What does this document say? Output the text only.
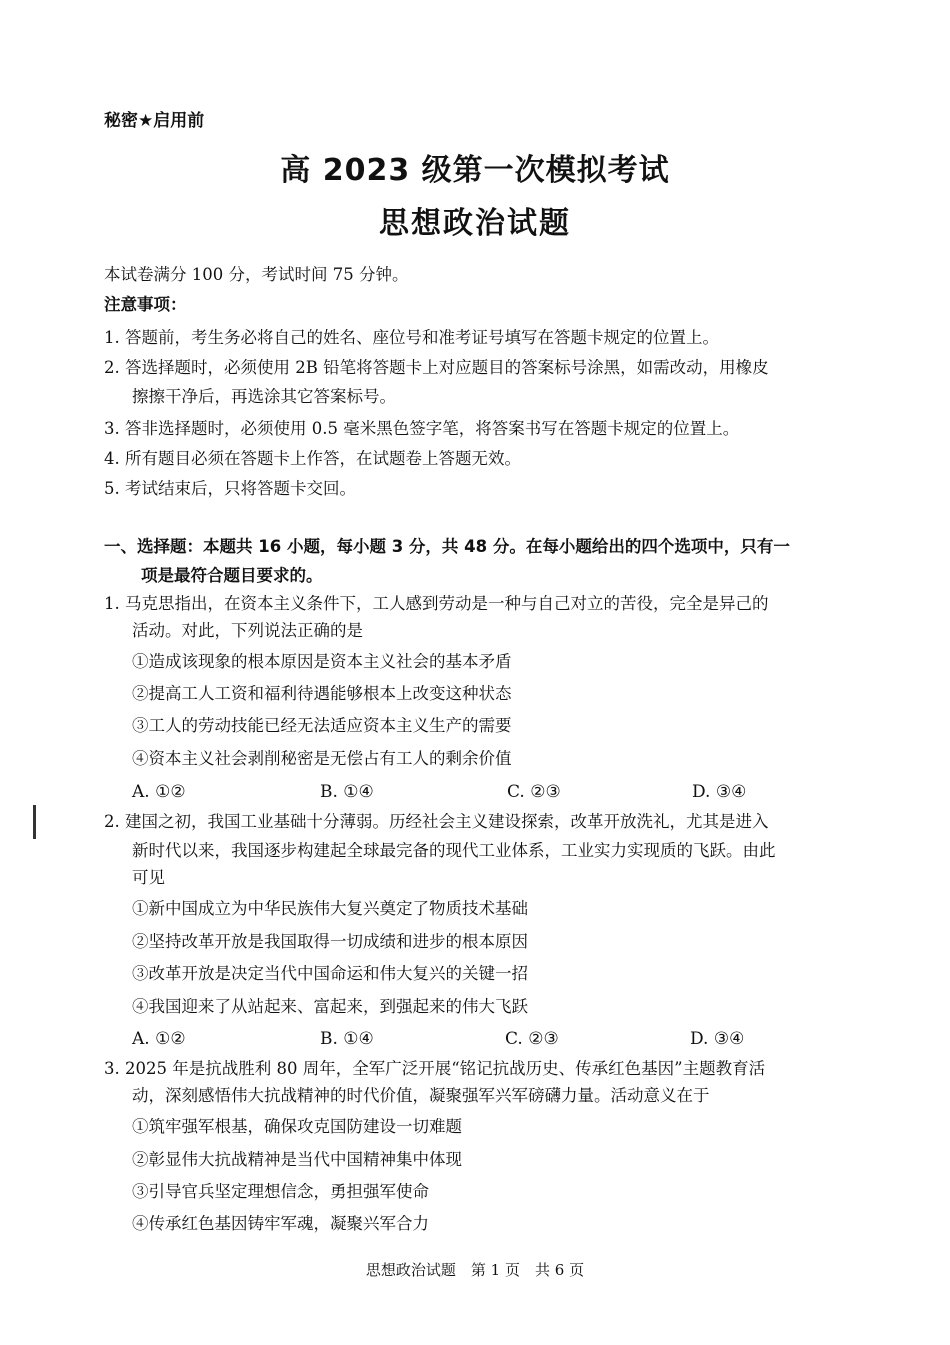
秘密★启用前
高 2023 级第一次模拟考试
思想政治试题
本试卷满分 100 分，考试时间 75 分钟。
注意事项：
1. 答题前，考生务必将自己的姓名、座位号和准考证号填写在答题卡规定的位置上。
2. 答选择题时，必须使用 2B 铅笔将答题卡上对应题目的答案标号涂黑，如需改动，用橡皮
擦擦干净后，再选涂其它答案标号。
3. 答非选择题时，必须使用 0.5 毫米黑色签字笔，将答案书写在答题卡规定的位置上。
4. 所有题目必须在答题卡上作答，在试题卷上答题无效。
5. 考试结束后，只将答题卡交回。
一、选择题：本题共 16 小题，每小题 3 分，共 48 分。在每小题给出的四个选项中，只有一
项是最符合题目要求的。
1. 马克思指出，在资本主义条件下，工人感到劳动是一种与自己对立的苦役，完全是异己的
活动。对此，下列说法正确的是
①造成该现象的根本原因是资本主义社会的基本矛盾
②提高工人工资和福利待遇能够根本上改变这种状态
③工人的劳动技能已经无法适应资本主义生产的需要
④资本主义社会剥削秘密是无偿占有工人的剩余价值
A. ①②	B. ①④	C. ②③	D. ③④
2. 建国之初，我国工业基础十分薄弱。历经社会主义建设探索，改革开放洗礼，尤其是进入
新时代以来，我国逐步构建起全球最完备的现代工业体系，工业实力实现质的飞跃。由此
可见
①新中国成立为中华民族伟大复兴奠定了物质技术基础
②坚持改革开放是我国取得一切成绩和进步的根本原因
③改革开放是决定当代中国命运和伟大复兴的关键一招
④我国迎来了从站起来、富起来，到强起来的伟大飞跃
A. ①②	B. ①④	C. ②③	D. ③④
3. 2025 年是抗战胜利 80 周年，全军广泛开展“铭记抗战历史、传承红色基因”主题教育活
动，深刻感悟伟大抗战精神的时代价值，凝聚强军兴军磅礴力量。活动意义在于
①筑牢强军根基，确保攻克国防建设一切难题
②彰显伟大抗战精神是当代中国精神集中体现
③引导官兵坚定理想信念，勇担强军使命
④传承红色基因铸牢军魂，凝聚兴军合力
思想政治试题　第 1 页　共 6 页
